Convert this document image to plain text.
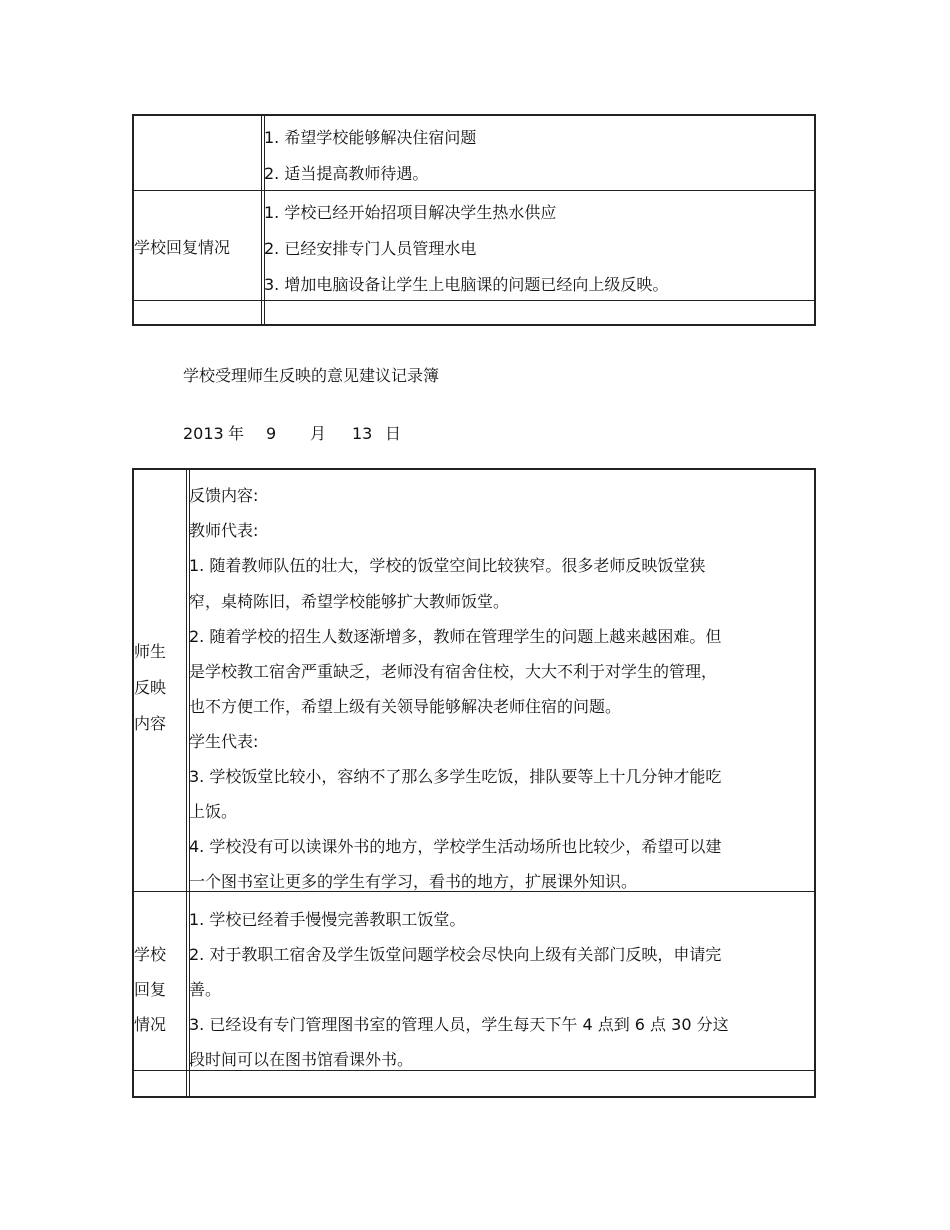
1. 希望学校能够解决住宿问题
2. 适当提高教师待遇。
学校回复情况
1. 学校已经开始招项目解决学生热水供应
2. 已经安排专门人员管理水电
3. 增加电脑设备让学生上电脑课的问题已经向上级反映。
学校受理师生反映的意见建议记录簿
2013 年 9 月 13 日
师生
反映
内容
反馈内容:
教师代表:
1. 随着教师队伍的壮大，学校的饭堂空间比较狭窄。很多老师反映饭堂狭
窄，桌椅陈旧，希望学校能够扩大教师饭堂。
2. 随着学校的招生人数逐渐增多，教师在管理学生的问题上越来越困难。但
是学校教工宿舍严重缺乏，老师没有宿舍住校，大大不利于对学生的管理，
也不方便工作，希望上级有关领导能够解决老师住宿的问题。
学生代表:
3. 学校饭堂比较小，容纳不了那么多学生吃饭，排队要等上十几分钟才能吃
上饭。
4. 学校没有可以读课外书的地方，学校学生活动场所也比较少，希望可以建
一个图书室让更多的学生有学习，看书的地方，扩展课外知识。
学校
回复
情况
1. 学校已经着手慢慢完善教职工饭堂。
2. 对于教职工宿舍及学生饭堂问题学校会尽快向上级有关部门反映，申请完
善。
3. 已经设有专门管理图书室的管理人员，学生每天下午 4 点到 6 点 30 分这
段时间可以在图书馆看课外书。
